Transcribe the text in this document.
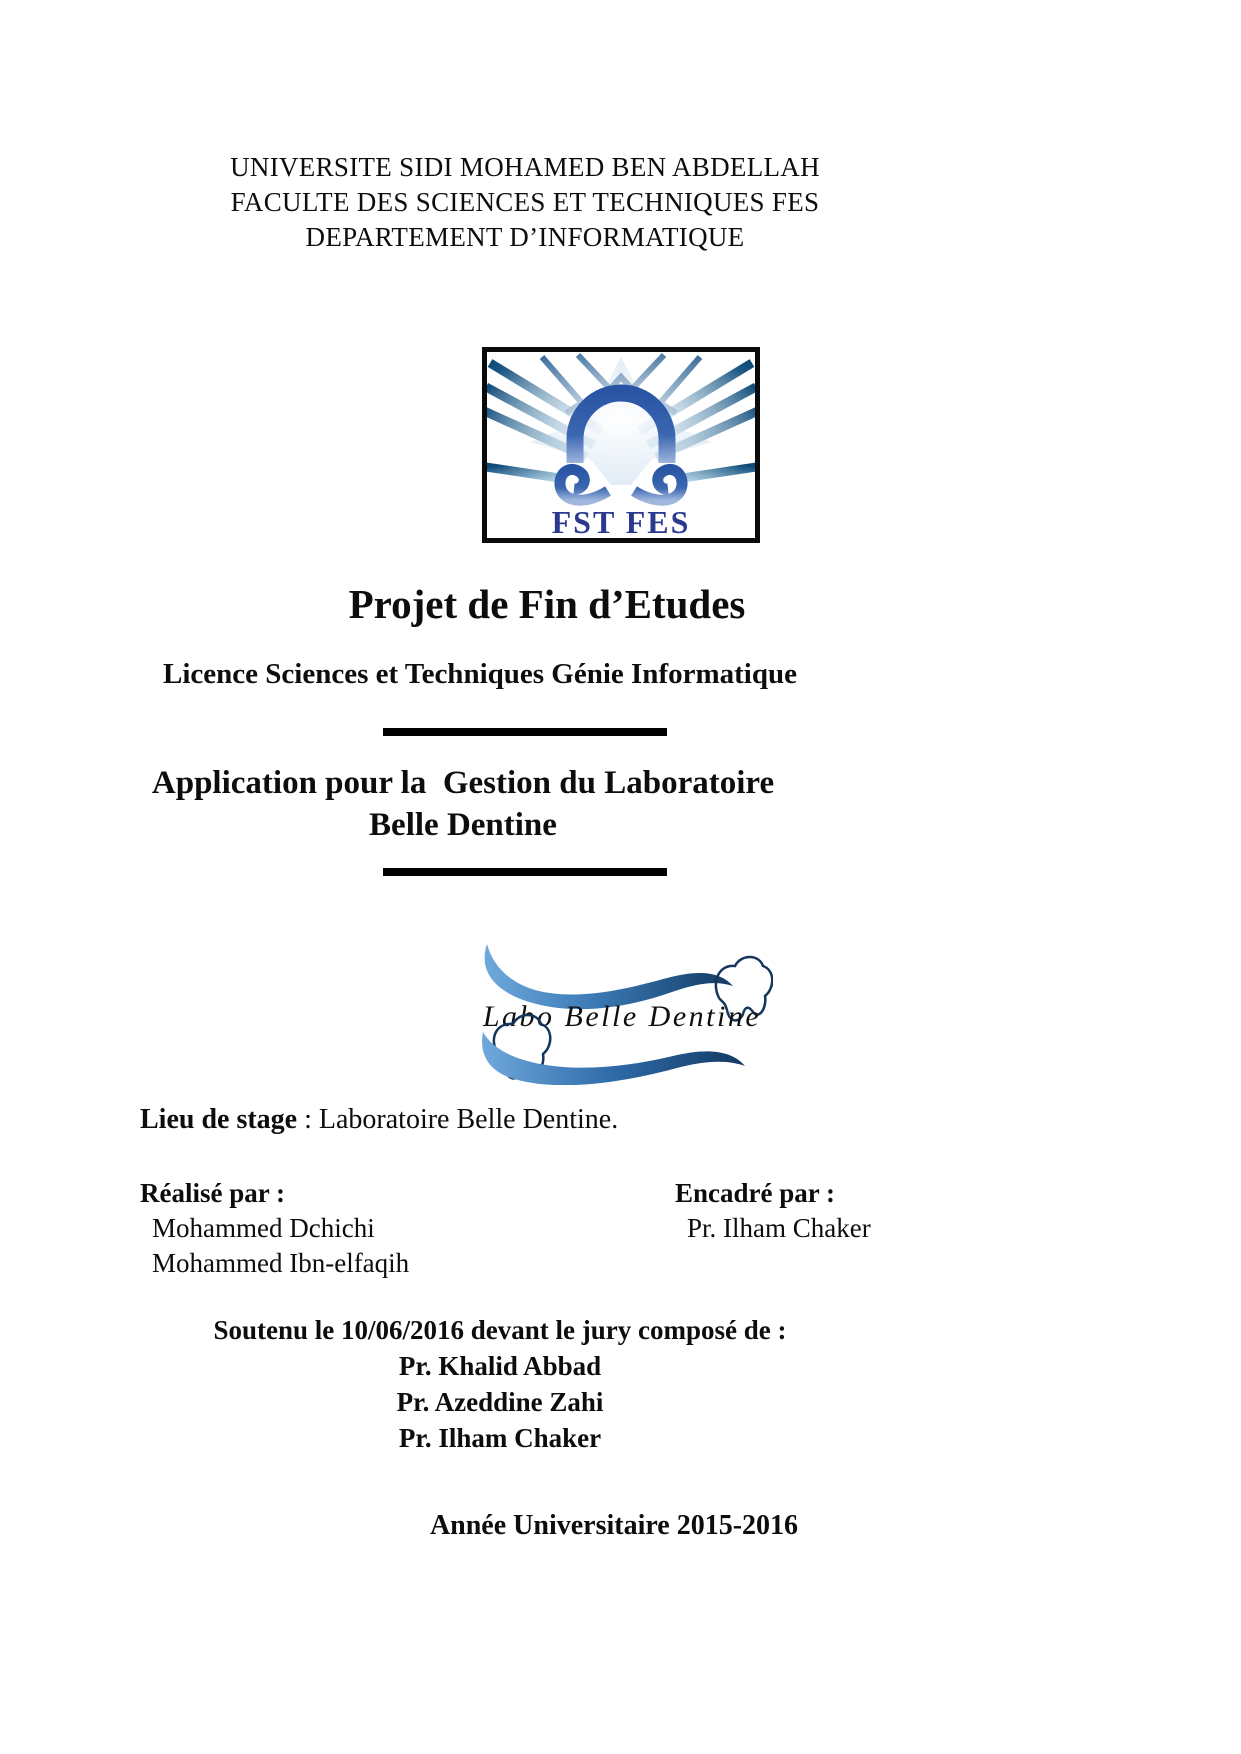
UNIVERSITE SIDI MOHAMED BEN ABDELLAH
FACULTE DES SCIENCES ET TECHNIQUES FES
DEPARTEMENT D’INFORMATIQUE
FST FES
Projet de Fin d’Etudes
Licence Sciences et Techniques Génie Informatique
Application pour la  Gestion du Laboratoire
Belle Dentine
Labo Belle Dentine
Lieu de stage : Laboratoire Belle Dentine.
Réalisé par :
Mohammed Dchichi
Mohammed Ibn-elfaqih
Encadré par :
Pr. Ilham Chaker
Soutenu le 10/06/2016 devant le jury composé de :
Pr. Khalid Abbad
Pr. Azeddine Zahi
Pr. Ilham Chaker
Année Universitaire 2015-2016
